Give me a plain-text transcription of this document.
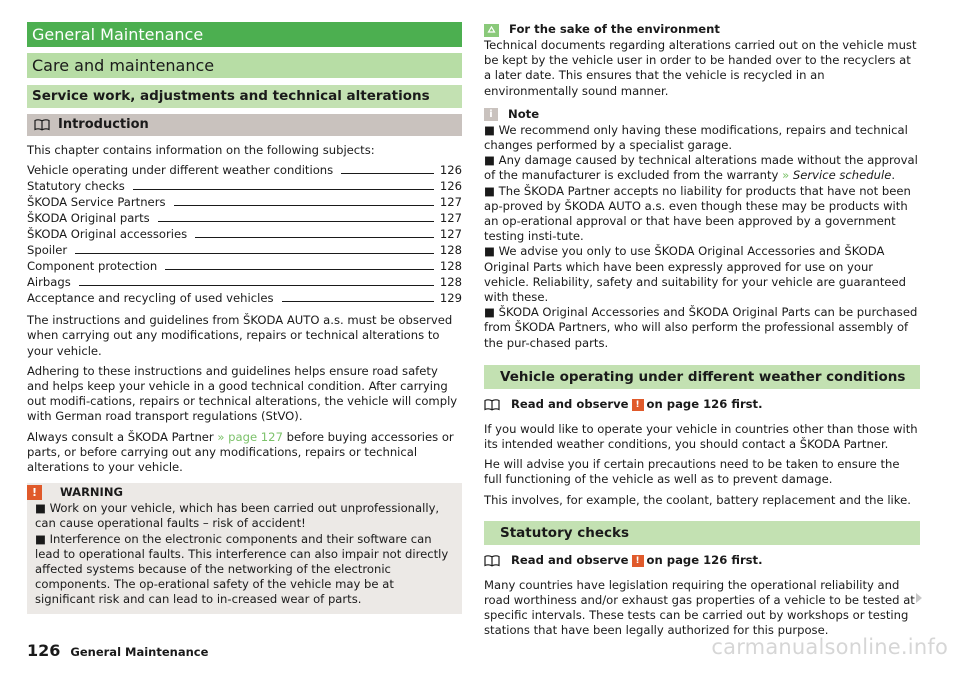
General Maintenance
Care and maintenance
Service work, adjustments and technical alterations
Introduction

This chapter contains information on the following subjects:

Vehicle operating under different weather conditions	126
Statutory checks	126
ŠKODA Service Partners	127
ŠKODA Original parts	127
ŠKODA Original accessories	127
Spoiler	128
Component protection	128
Airbags	128
Acceptance and recycling of used vehicles	129

The instructions and guidelines from ŠKODA AUTO a.s. must be observed when carrying out any modifications, repairs or technical alterations to your vehicle.

Adhering to these instructions and guidelines helps ensure road safety and helps keep your vehicle in a good technical condition. After carrying out modifi-cations, repairs or technical alterations, the vehicle will comply with German road transport regulations (StVO).

Always consult a ŠKODA Partner » page 127 before buying accessories or parts, or before carrying out any modifications, repairs or technical alterations to your vehicle.

!	WARNING

■ Work on your vehicle, which has been carried out unprofessionally, can cause operational faults – risk of accident!

■ Interference on the electronic components and their software can lead to operational faults. This interference can also impair not directly affected systems because of the networking of the electronic components. The op-erational safety of the vehicle may be at significant risk and can lead to in-creased wear of parts.

For the sake of the environment

Technical documents regarding alterations carried out on the vehicle must be kept by the vehicle user in order to be handed over to the recyclers at a later date. This ensures that the vehicle is recycled in an environmentally sound manner.

i	Note

■ We recommend only having these modifications, repairs and technical changes performed by a specialist garage.

■ Any damage caused by technical alterations made without the approval of the manufacturer is excluded from the warranty » Service schedule.

■ The ŠKODA Partner accepts no liability for products that have not been ap-proved by ŠKODA AUTO a.s. even though these may be products with an op-erational approval or that have been approved by a government testing insti-tute.

■ We advise you only to use ŠKODA Original Accessories and ŠKODA Original Parts which have been expressly approved for use on your vehicle. Reliability, safety and suitability for your vehicle are guaranteed with these.

■ ŠKODA Original Accessories and ŠKODA Original Parts can be purchased from ŠKODA Partners, who will also perform the professional assembly of the pur-chased parts.

Vehicle operating under different weather conditions
Read and observe ! on page 126 first.

If you would like to operate your vehicle in countries other than those with its intended weather conditions, you should contact a ŠKODA Partner.

He will advise you if certain precautions need to be taken to ensure the full functioning of the vehicle as well as to prevent damage.

This involves, for example, the coolant, battery replacement and the like.

Statutory checks
Read and observe ! on page 126 first.

Many countries have legislation requiring the operational reliability and road worthiness and/or exhaust gas properties of a vehicle to be tested at specific intervals. These tests can be carried out by workshops or testing stations that have been legally authorized for this purpose.

126 General Maintenance	carmanualsonline.info
